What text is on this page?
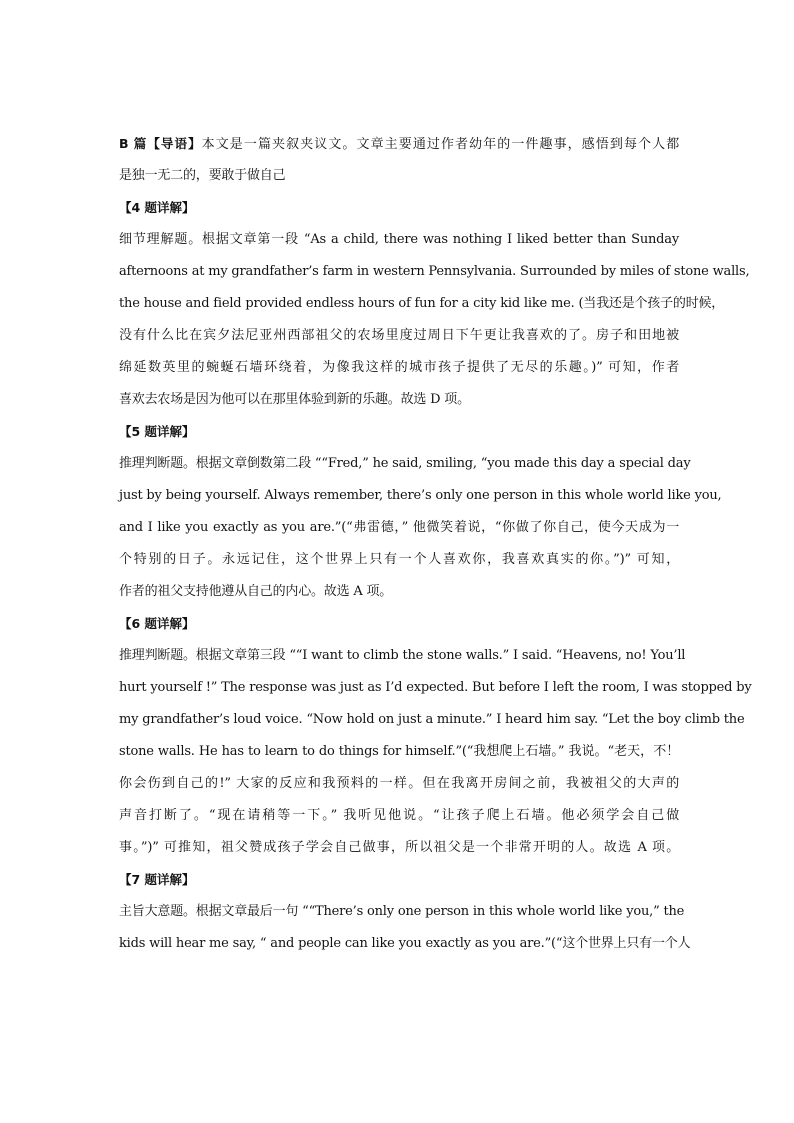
B 篇【导语】本文是一篇夹叙夹议文。文章主要通过作者幼年的一件趣事，感悟到每个人都
是独一无二的，要敢于做自己
【4 题详解】
细节理解题。根据文章第一段 “As a child, there was nothing I liked better than Sunday
afternoons at my grandfather’s farm in western Pennsylvania. Surrounded by miles of stone walls,
the house and field provided endless hours of fun for a city kid like me. (当我还是个孩子的时候，
没有什么比在宾夕法尼亚州西部祖父的农场里度过周日下午更让我喜欢的了。房子和田地被
绵延数英里的蜿蜒石墙环绕着，为像我这样的城市孩子提供了无尽的乐趣。)” 可知，作者
喜欢去农场是因为他可以在那里体验到新的乐趣。故选 D 项。
【5 题详解】
推理判断题。根据文章倒数第二段 ““Fred,” he said, smiling, “you made this day a special day
just by being yourself. Always remember, there’s only one person in this whole world like you,
and I like you exactly as you are.”(“弗雷德，” 他微笑着说，“你做了你自己，使今天成为一
个特别的日子。永远记住，这个世界上只有一个人喜欢你，我喜欢真实的你。”)” 可知，
作者的祖父支持他遵从自己的内心。故选 A 项。
【6 题详解】
推理判断题。根据文章第三段 ““I want to climb the stone walls.” I said. “Heavens, no! You’ll
hurt yourself !” The response was just as I’d expected. But before I left the room, I was stopped by
my grandfather’s loud voice. “Now hold on just a minute.” I heard him say. “Let the boy climb the
stone walls. He has to learn to do things for himself.”(“我想爬上石墙。” 我说。“老天，不！
你会伤到自己的!” 大家的反应和我预料的一样。但在我离开房间之前，我被祖父的大声的
声音打断了。“现在请稍等一下。” 我听见他说。“让孩子爬上石墙。他必须学会自己做
事。”)” 可推知，祖父赞成孩子学会自己做事，所以祖父是一个非常开明的人。故选 A 项。
【7 题详解】
主旨大意题。根据文章最后一句 ““There’s only one person in this whole world like you,” the
kids will hear me say, “ and people can like you exactly as you are.”(“这个世界上只有一个人
